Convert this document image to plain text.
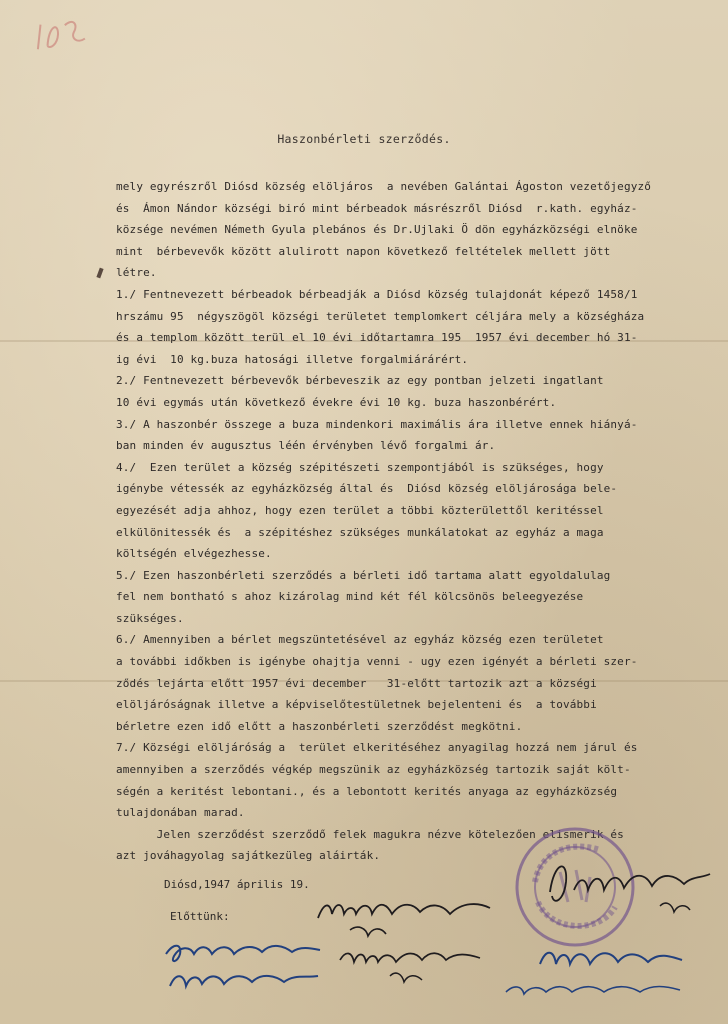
Haszonbérleti szerződés.
mely egyrészről Diósd község elöljáros  a nevében Galántai Ágoston vezetőjegyző
és  Ámon Nándor községi biró mint bérbeadok másrészről Diósd  r.kath. egyház-
községe nevémen Németh Gyula plebános és Dr.Ujlaki Ö dön egyházközségi elnöke
mint  bérbevevők között alulirott napon következő feltételek mellett jött
létre.
1./ Fentnevezett bérbeadok bérbeadják a Diósd község tulajdonát képező 1458/1
hrszámu 95  négyszögöl községi területet templomkert céljára mely a községháza
és a templom között terül el 10 évi időtartamra 195  1957 évi december hó 31-
ig évi  10 kg.buza hatosági illetve forgalmiárárért.
2./ Fentnevezett bérbevevők bérbeveszik az egy pontban jelzeti ingatlant
10 évi egymás után következő évekre évi 10 kg. buza haszonbérért.
3./ A haszonbér összege a buza mindenkori maximális ára illetve ennek hiányá-
ban minden év augusztus léén érvényben lévő forgalmi ár.
4./  Ezen terület a község szépitészeti szempontjából is szükséges, hogy
igénybe vétessék az egyházközség által és  Diósd község elöljárosága bele-
egyezését adja ahhoz, hogy ezen terület a többi közterülettől keritéssel
elkülönitessék és  a szépitéshez szükséges munkálatokat az egyház a maga
költségén elvégezhesse.
5./ Ezen haszonbérleti szerződés a bérleti idő tartama alatt egyoldalulag
fel nem bontható s ahoz kizárolag mind két fél kölcsönös beleegyezése
szükséges.
6./ Amennyiben a bérlet megszüntetésével az egyház község ezen területet
a további időkben is igénybe ohajtja venni - ugy ezen igényét a bérleti szer-
ződés lejárta előtt 1957 évi december   31-előtt tartozik azt a községi
elöljáróságnak illetve a képviselőtestületnek bejelenteni és  a további
bérletre ezen idő előtt a haszonbérleti szerződést megkötni.
7./ Községi elöljáróság a  terület elkeritéséhez anyagilag hozzá nem járul és
amennyiben a szerződés végkép megszünik az egyházközség tartozik saját költ-
ségén a keritést lebontani., és a lebontott kerités anyaga az egyházközség
tulajdonában marad.
Jelen szerződést szerződő felek magukra nézve kötelezően elismerik és
azt jováhagyolag sajátkezüleg aláirták.
Diósd,1947 április 19.
Előttünk:
